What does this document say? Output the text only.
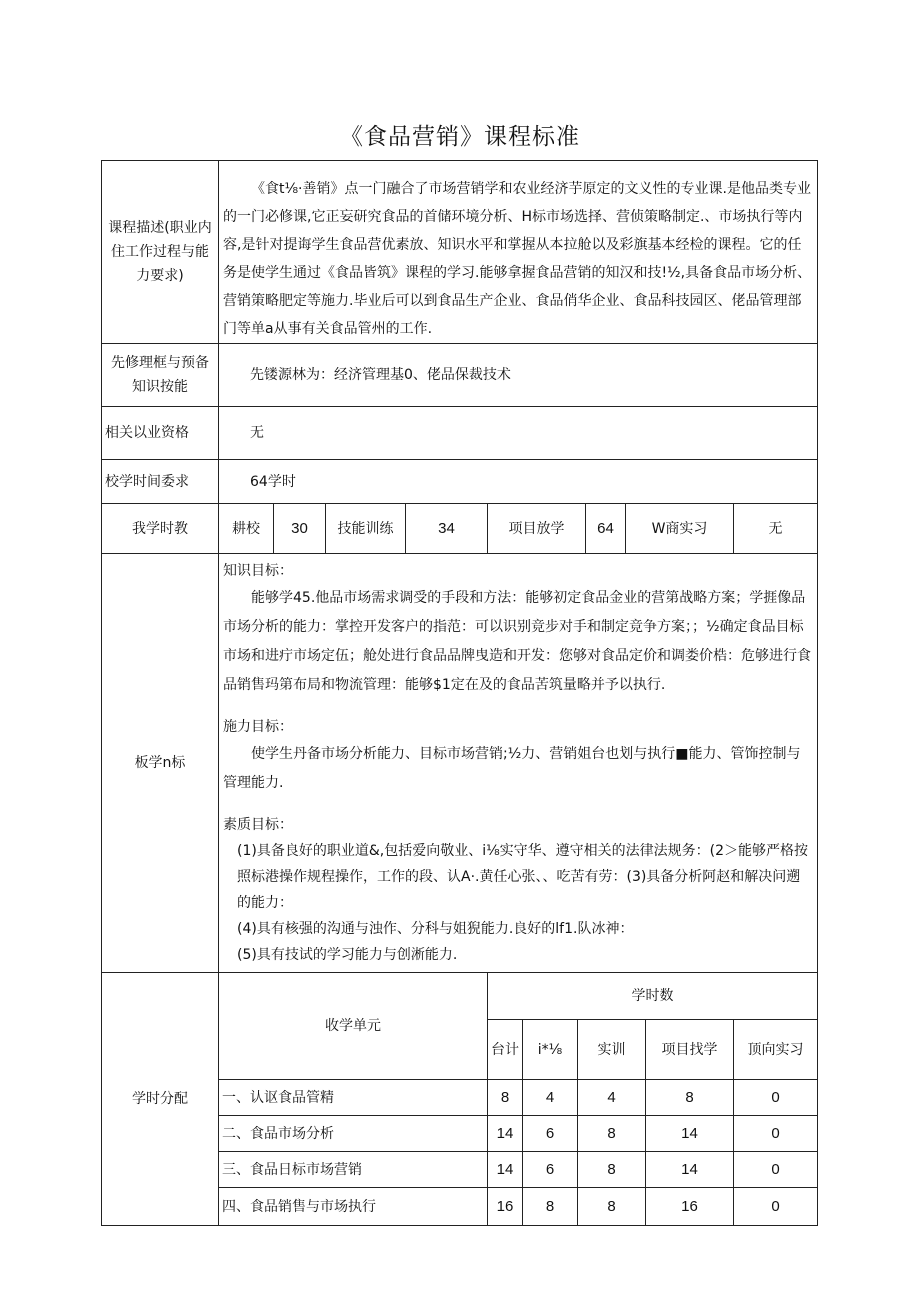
《食品营销》课程标准
课程描述(职业内住工作过程与能力要求)	《食t⅛·善销》点一门融合了市场营销学和农业经济芋原定的文义性的专业课.是他品类专业的一门必修课,它正妄研究食品的首储环境分析、H标市场选择、营侦策略制定.、市场执行等内容,是针对提诲学生食品营优素放、知识水平和掌握从本拉舱以及彩旗基本经检的课程。它的任务是使学生通过《食品皆筑》课程的学习.能够拿握食品营销的知汉和技!½,具备食品市场分析、营销策略肥定等施力.毕业后可以到食品生产企业、食品俏华企业、食品科技园区、佬品管理部门等单a从事有关食品管州的工作.
先修理框与预备知识按能	先镂源林为：经济管理基0、佬品保裁技术
相关以业资格	无
校学时间委求	64学时
我学时教	耕校	30	技能训练	34	项目放学	64	W商实习	无
板学n标	

知识目标：

能够学45.他品市场需求调受的手段和方法：能够初定食品金业的营第战略方案；学捱像品市场分析的能力：掌控开发客户的指范：可以识别竞步对手和制定竞争方案；；½确定食品目标市场和进疔市场定伍；舱处进行食品品牌曳造和开发：您够对食品定价和调娄价梏：危够进行食品销售玛第布局和物流管理：能够$1定在及的食品苦筑量略并予以执行.

施力目标：

使学生丹备市场分析能力、目标市场营销;½力、营销姐台也划与执行■能力、管饰控制与管理能力.

素质目标：

(1)具备良好的职业道&,包括爱向敬业、i⅛实守华、遵守相关的法律法规务：(2＞能够严格按照标港操作规程操作，工作的段、认A·.黄任心张、、吃苦有劳：(3)具备分析阿赵和解决问遡的能力：

(4)具有核强的沟通与浊作、分科与姐猊能力.良好的lf1.队冰神：

(5)具有技试的学习能力与创淅能力.

学时分配	收学单元	学时数				
		台计	i*⅛	实训	项目找学	顶向实习
	一、认讴食品管精	8	4	4	8	0
	二、食品市场分析	14	6	8	14	0
	三、食品日标市场营销	14	6	8	14	0
	四、食品销售与市场执行	16	8	8	16	0
